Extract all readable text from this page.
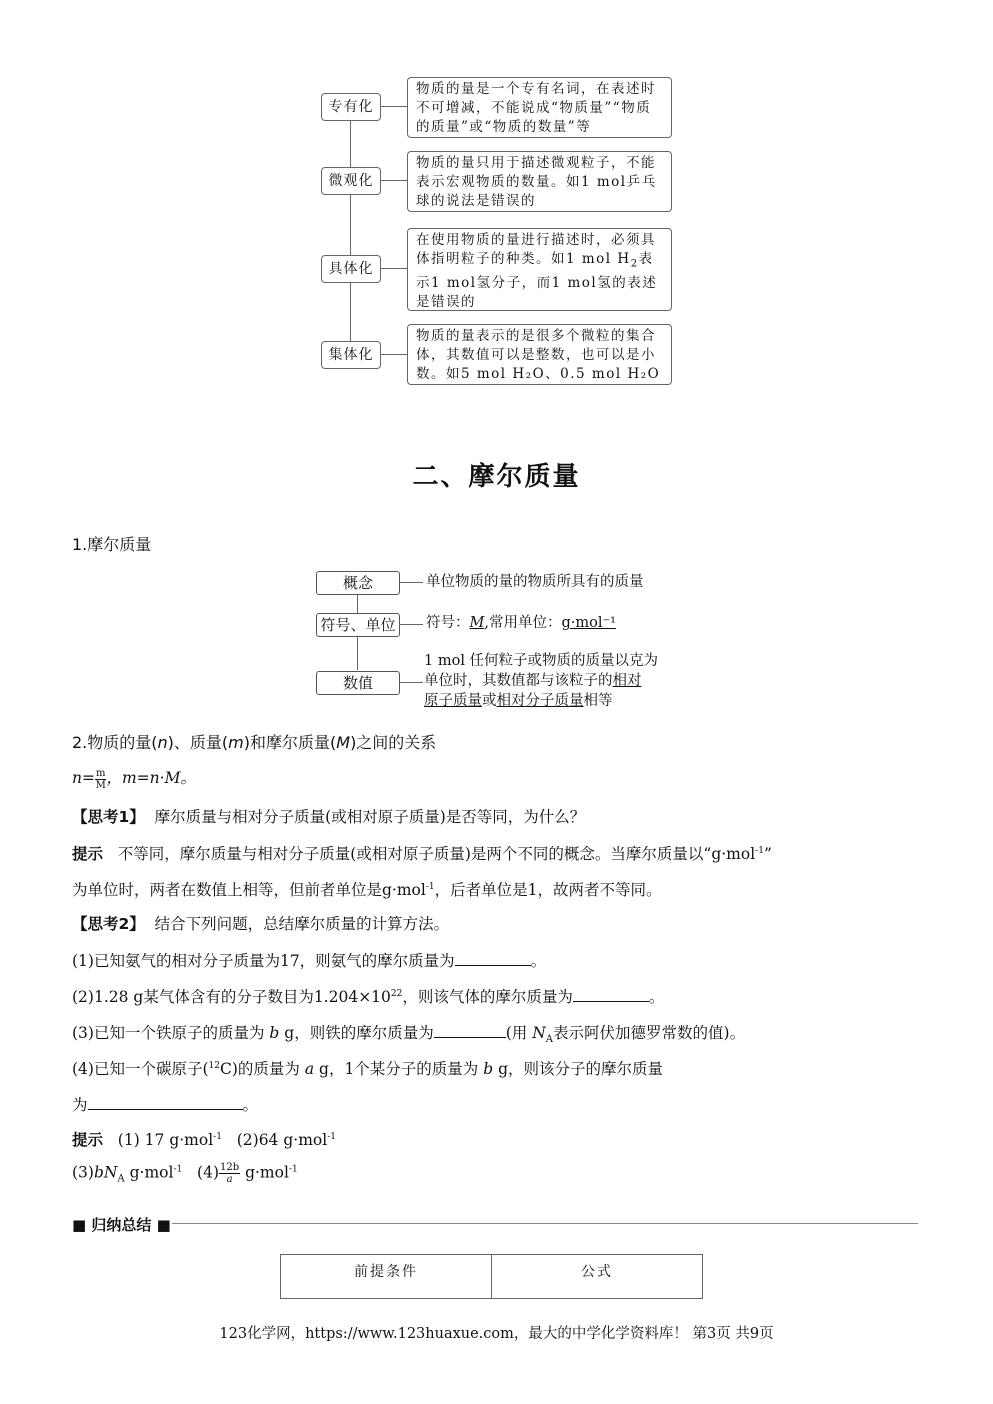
专有化
物质的量是一个专有名词，在表述时不可增减，不能说成“物质量”“物质的质量”或“物质的数量”等
微观化
物质的量只用于描述微观粒子，不能表示宏观物质的数量。如1 mol乒乓球的说法是错误的
具体化
在使用物质的量进行描述时，必须具体指明粒子的种类。如1 mol $H_2$表示1 mol氢分子，而1 mol氢的表述是错误的
集体化
物质的量表示的是很多个微粒的集合体，其数值可以是整数，也可以是小数。如5 mol H₂O、0.5 mol H₂O
二、摩尔质量
1.摩尔质量
概念	单位物质的量的物质所具有的质量
符号、单位	符号：M,常用单位：g·mol⁻¹
数值
1 mol 任何粒子或物质的质量以克为
单位时，其数值都与该粒子的相对
原子质量或相对分子质量相等
2.物质的量(n)、质量(m)和摩尔质量(M)之间的关系
$n= \frac{m}{M}$ ，m=n·M。
【思考1】 摩尔质量与相对分子质量(或相对原子质量)是否等同，为什么？
提示 不等同，摩尔质量与相对分子质量(或相对原子质量)是两个不同的概念。当摩尔质量以“g·mol$^{-1}$”
为单位时，两者在数值上相等，但前者单位是g·mol$^{-1}$，后者单位是1，故两者不等同。
【思考2】 结合下列问题，总结摩尔质量的计算方法。
(1)已知氨气的相对分子质量为17，则氨气的摩尔质量为	。
(2)1.28 g某气体含有的分子数目为$1.204\times 10^{22}$，则该气体的摩尔质量为	。
(3)已知一个铁原子的质量为 b g，则铁的摩尔质量为	(用 $N_A$表示阿伏加德罗常数的值)。
(4)已知一个碳原子($^{12}$C)的质量为 a g，1个某分子的质量为 b g，则该分子的摩尔质量
为	。
提示 (1) 17 g·mol$^{-1}$ (2)64 g·mol$^{-1}$
$(3)bN_A$ g·mol$^{-1}$ $(4) \frac{12b}{a} g\cdot mol^{-1}$
■ 归纳总结 ■
前提条件	公式
123化学网，https://www.123huaxue.com，最大的中学化学资料库！ 第3页 共9页
